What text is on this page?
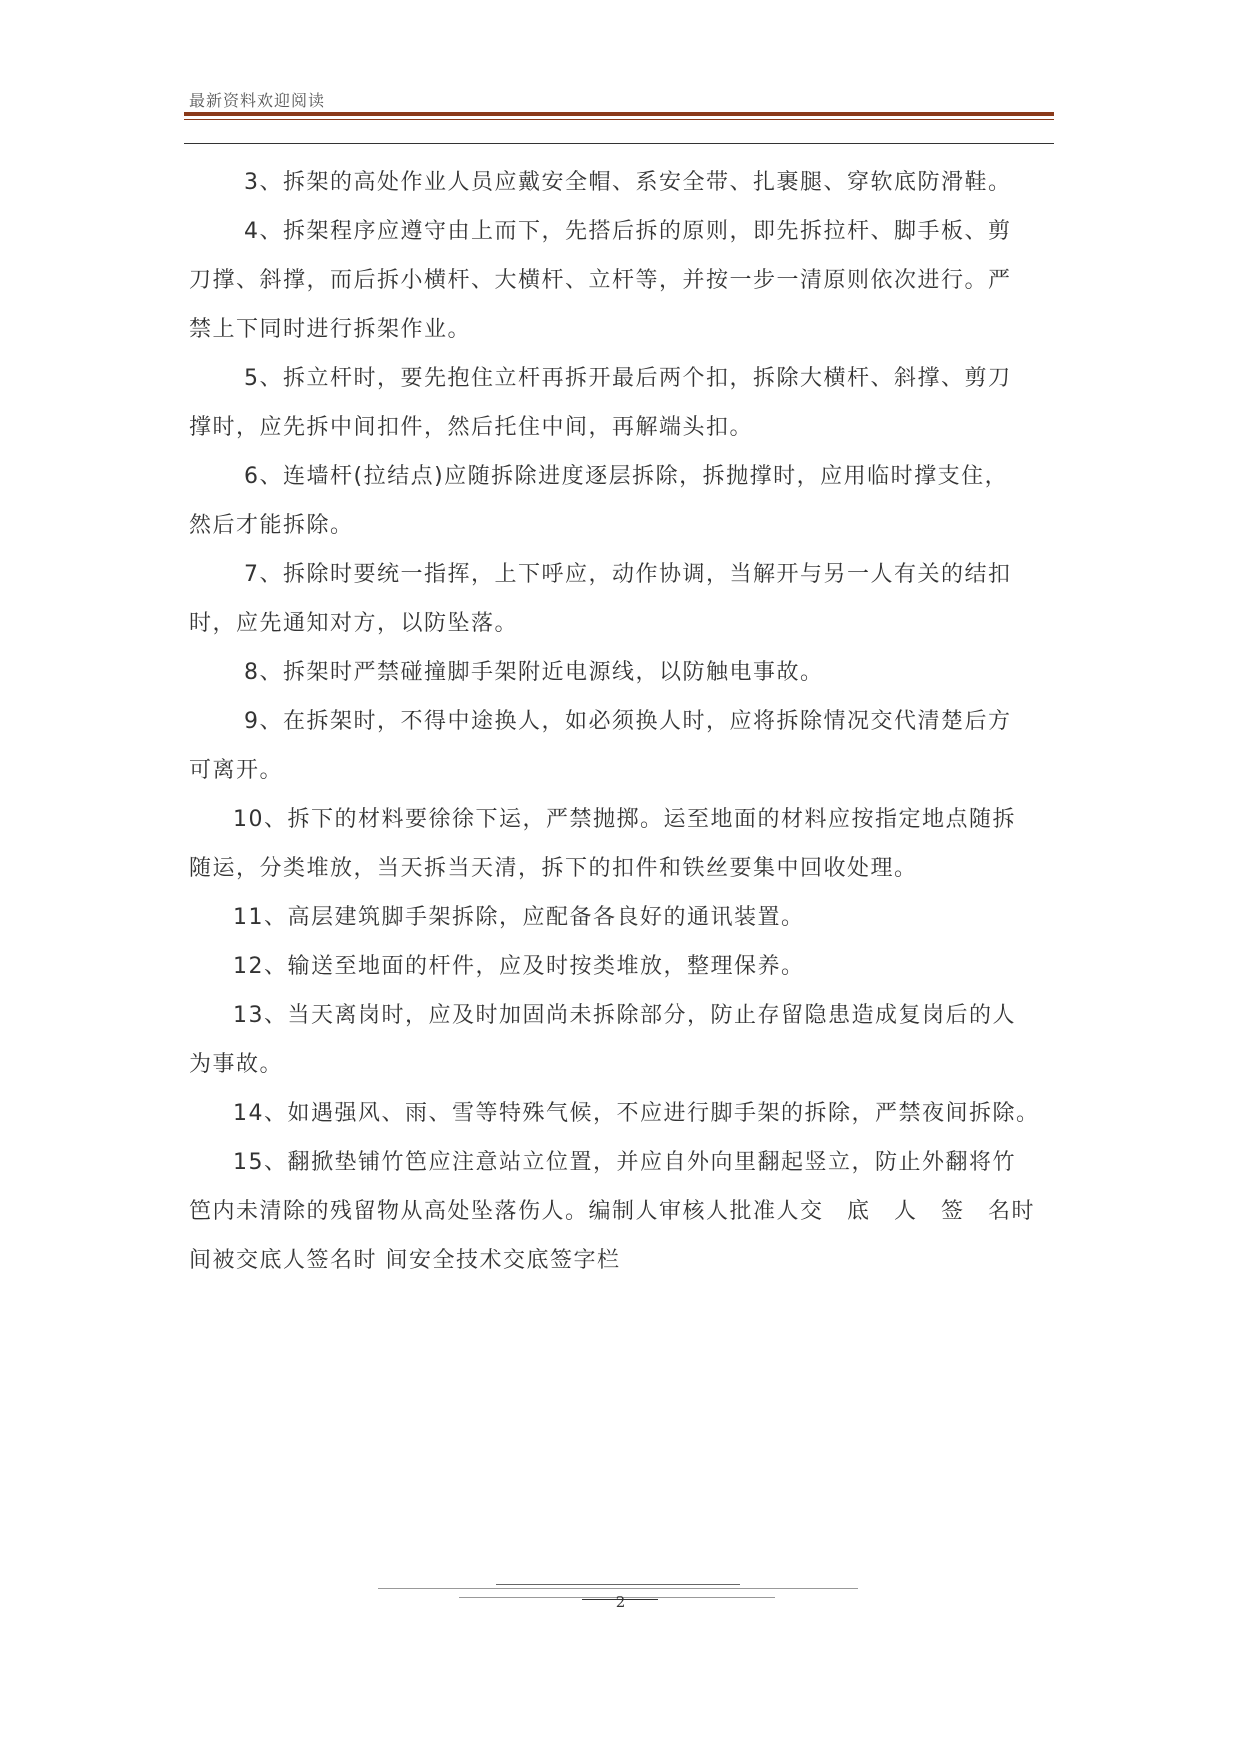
最新资料欢迎阅读
3、拆架的高处作业人员应戴安全帽、系安全带、扎裹腿、穿软底防滑鞋。
4、拆架程序应遵守由上而下，先搭后拆的原则，即先拆拉杆、脚手板、剪
刀撑、斜撑，而后拆小横杆、大横杆、立杆等，并按一步一清原则依次进行。严
禁上下同时进行拆架作业。
5、拆立杆时，要先抱住立杆再拆开最后两个扣，拆除大横杆、斜撑、剪刀
撑时，应先拆中间扣件，然后托住中间，再解端头扣。
6、连墙杆(拉结点)应随拆除进度逐层拆除，拆抛撑时，应用临时撑支住，
然后才能拆除。
7、拆除时要统一指挥，上下呼应，动作协调，当解开与另一人有关的结扣
时，应先通知对方，以防坠落。
8、拆架时严禁碰撞脚手架附近电源线，以防触电事故。
9、在拆架时，不得中途换人，如必须换人时，应将拆除情况交代清楚后方
可离开。
10、拆下的材料要徐徐下运，严禁抛掷。运至地面的材料应按指定地点随拆
随运，分类堆放，当天拆当天清，拆下的扣件和铁丝要集中回收处理。
11、高层建筑脚手架拆除，应配备各良好的通讯装置。
12、输送至地面的杆件，应及时按类堆放，整理保养。
13、当天离岗时，应及时加固尚未拆除部分，防止存留隐患造成复岗后的人
为事故。
14、如遇强风、雨、雪等特殊气候，不应进行脚手架的拆除，严禁夜间拆除。
15、翻掀垫铺竹笆应注意站立位置，并应自外向里翻起竖立，防止外翻将竹
笆内未清除的残留物从高处坠落伤人。编制人审核人批准人交　底　人　签　名时
间被交底人签名时 间安全技术交底签字栏
2
